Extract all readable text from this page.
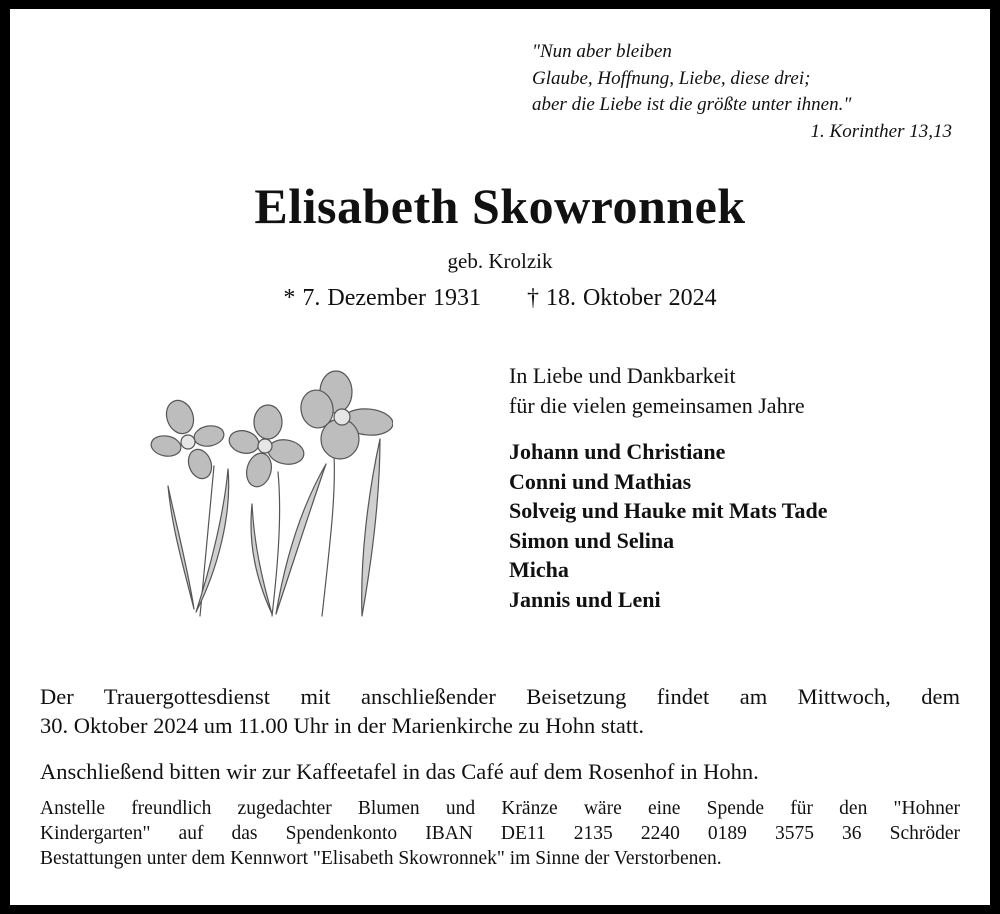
"Nun aber bleiben
Glaube, Hoffnung, Liebe, diese drei;
aber die Liebe ist die größte unter ihnen."
1. Korinther 13,13
Elisabeth Skowronnek
geb. Krolzik
* 7. Dezember 1931 † 18. Oktober 2024
In Liebe und Dankbarkeit
für die vielen gemeinsamen Jahre
Johann und Christiane
Conni und Mathias
Solveig und Hauke mit Mats Tade
Simon und Selina
Micha
Jannis und Leni
Der Trauergottesdienst mit anschließender Beisetzung findet am Mittwoch, dem
30. Oktober 2024 um 11.00 Uhr in der Marienkirche zu Hohn statt.
Anschließend bitten wir zur Kaffeetafel in das Café auf dem Rosenhof in Hohn.
Anstelle freundlich zugedachter Blumen und Kränze wäre eine Spende für den "Hohner
Kindergarten" auf das Spendenkonto IBAN DE11 2135 2240 0189 3575 36 Schröder
Bestattungen unter dem Kennwort "Elisabeth Skowronnek" im Sinne der Verstorbenen.
